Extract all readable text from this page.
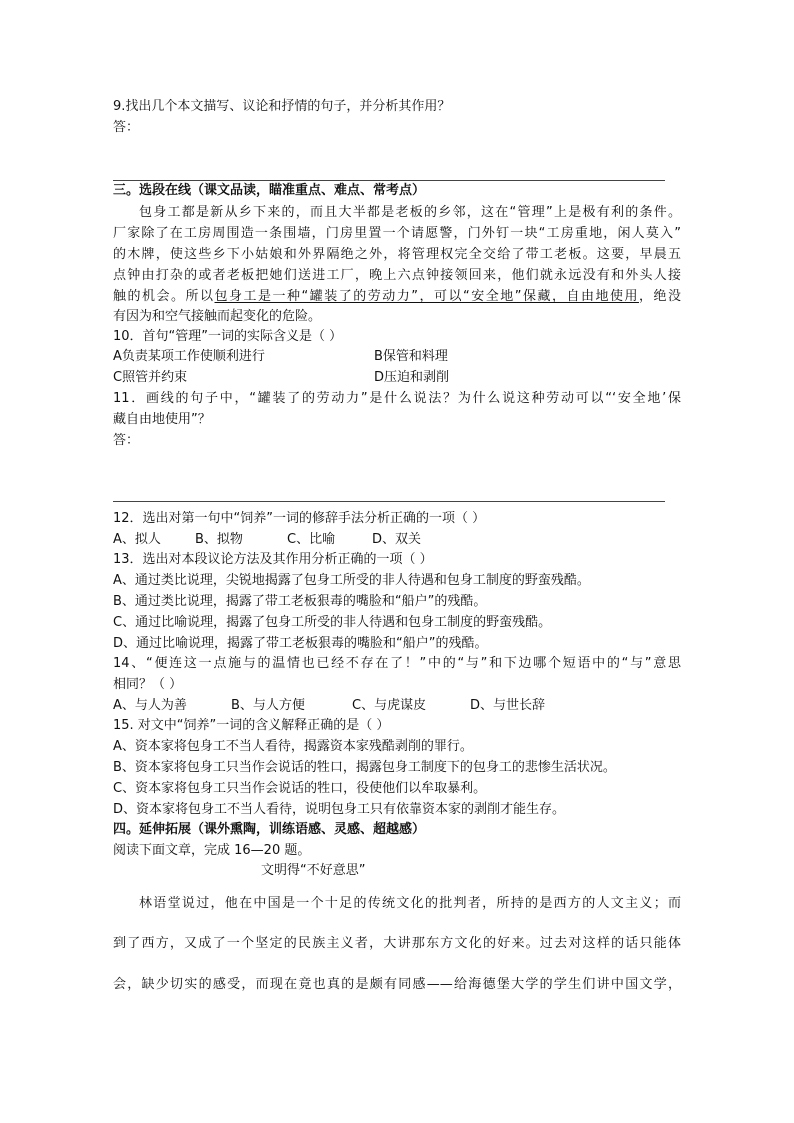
9.找出几个本文描写、议论和抒情的句子，并分析其作用？
答：
三。选段在线（课文品读，瞄准重点、难点、常考点）
包身工都是新从乡下来的，而且大半都是老板的乡邻，这在“管理”上是极有利的条件。
厂家除了在工房周围造一条围墙，门房里置一个请愿警，门外钉一块“工房重地，闲人莫入”
的木牌，使这些乡下小姑娘和外界隔绝之外，将管理权完全交给了带工老板。这要，早晨五
点钟由打杂的或者老板把她们送进工厂，晚上六点钟接领回来，他们就永远没有和外头人接
触的机会。所以包身工是一种“罐装了的劳动力”，可以“安全地”保藏，自由地使用，绝没
有因为和空气接触而起变化的危险。
10．首句“管理”一词的实际含义是（ ）
A负责某项工作使顺利进行	B保管和料理
C照管并约束	D压迫和剥削
11．画线的句子中，“罐装了的劳动力”是什么说法？为什么说这种劳动可以“‘安全地’保
藏自由地使用”？
答：
12．选出对第一句中“饲养”一词的修辞手法分析正确的一项（ ）
A、拟人	B、拟物	C、比喻	D、双关
13．选出对本段议论方法及其作用分析正确的一项（ ）
A、通过类比说理，尖锐地揭露了包身工所受的非人待遇和包身工制度的野蛮残酷。
B、通过类比说理，揭露了带工老板狠毒的嘴脸和“船户”的残酷。
C、通过比喻说理，揭露了包身工所受的非人待遇和包身工制度的野蛮残酷。
D、通过比喻说理，揭露了带工老板狠毒的嘴脸和“船户”的残酷。
14、“便连这一点施与的温情也已经不存在了！”中的“与”和下边哪个短语中的“与”意思
相同？（ ）
A、与人为善	B、与人方便	C、与虎谋皮	D、与世长辞
15. 对文中“饲养”一词的含义解释正确的是（ ）
A、资本家将包身工不当人看待，揭露资本家残酷剥削的罪行。
B、资本家将包身工只当作会说话的牲口，揭露包身工制度下的包身工的悲惨生活状况。
C、资本家将包身工只当作会说话的牲口，役使他们以牟取暴利。
D、资本家将包身工不当人看待，说明包身工只有依靠资本家的剥削才能生存。
四。延伸拓展（课外熏陶，训练语感、灵感、超越感）
阅读下面文章，完成 16—20 题。
文明得“不好意思”
林语堂说过，他在中国是一个十足的传统文化的批判者，所持的是西方的人文主义；而
到了西方，又成了一个坚定的民族主义者，大讲那东方文化的好来。过去对这样的话只能体
会，缺少切实的感受，而现在竟也真的是颇有同感——给海德堡大学的学生们讲中国文学，
